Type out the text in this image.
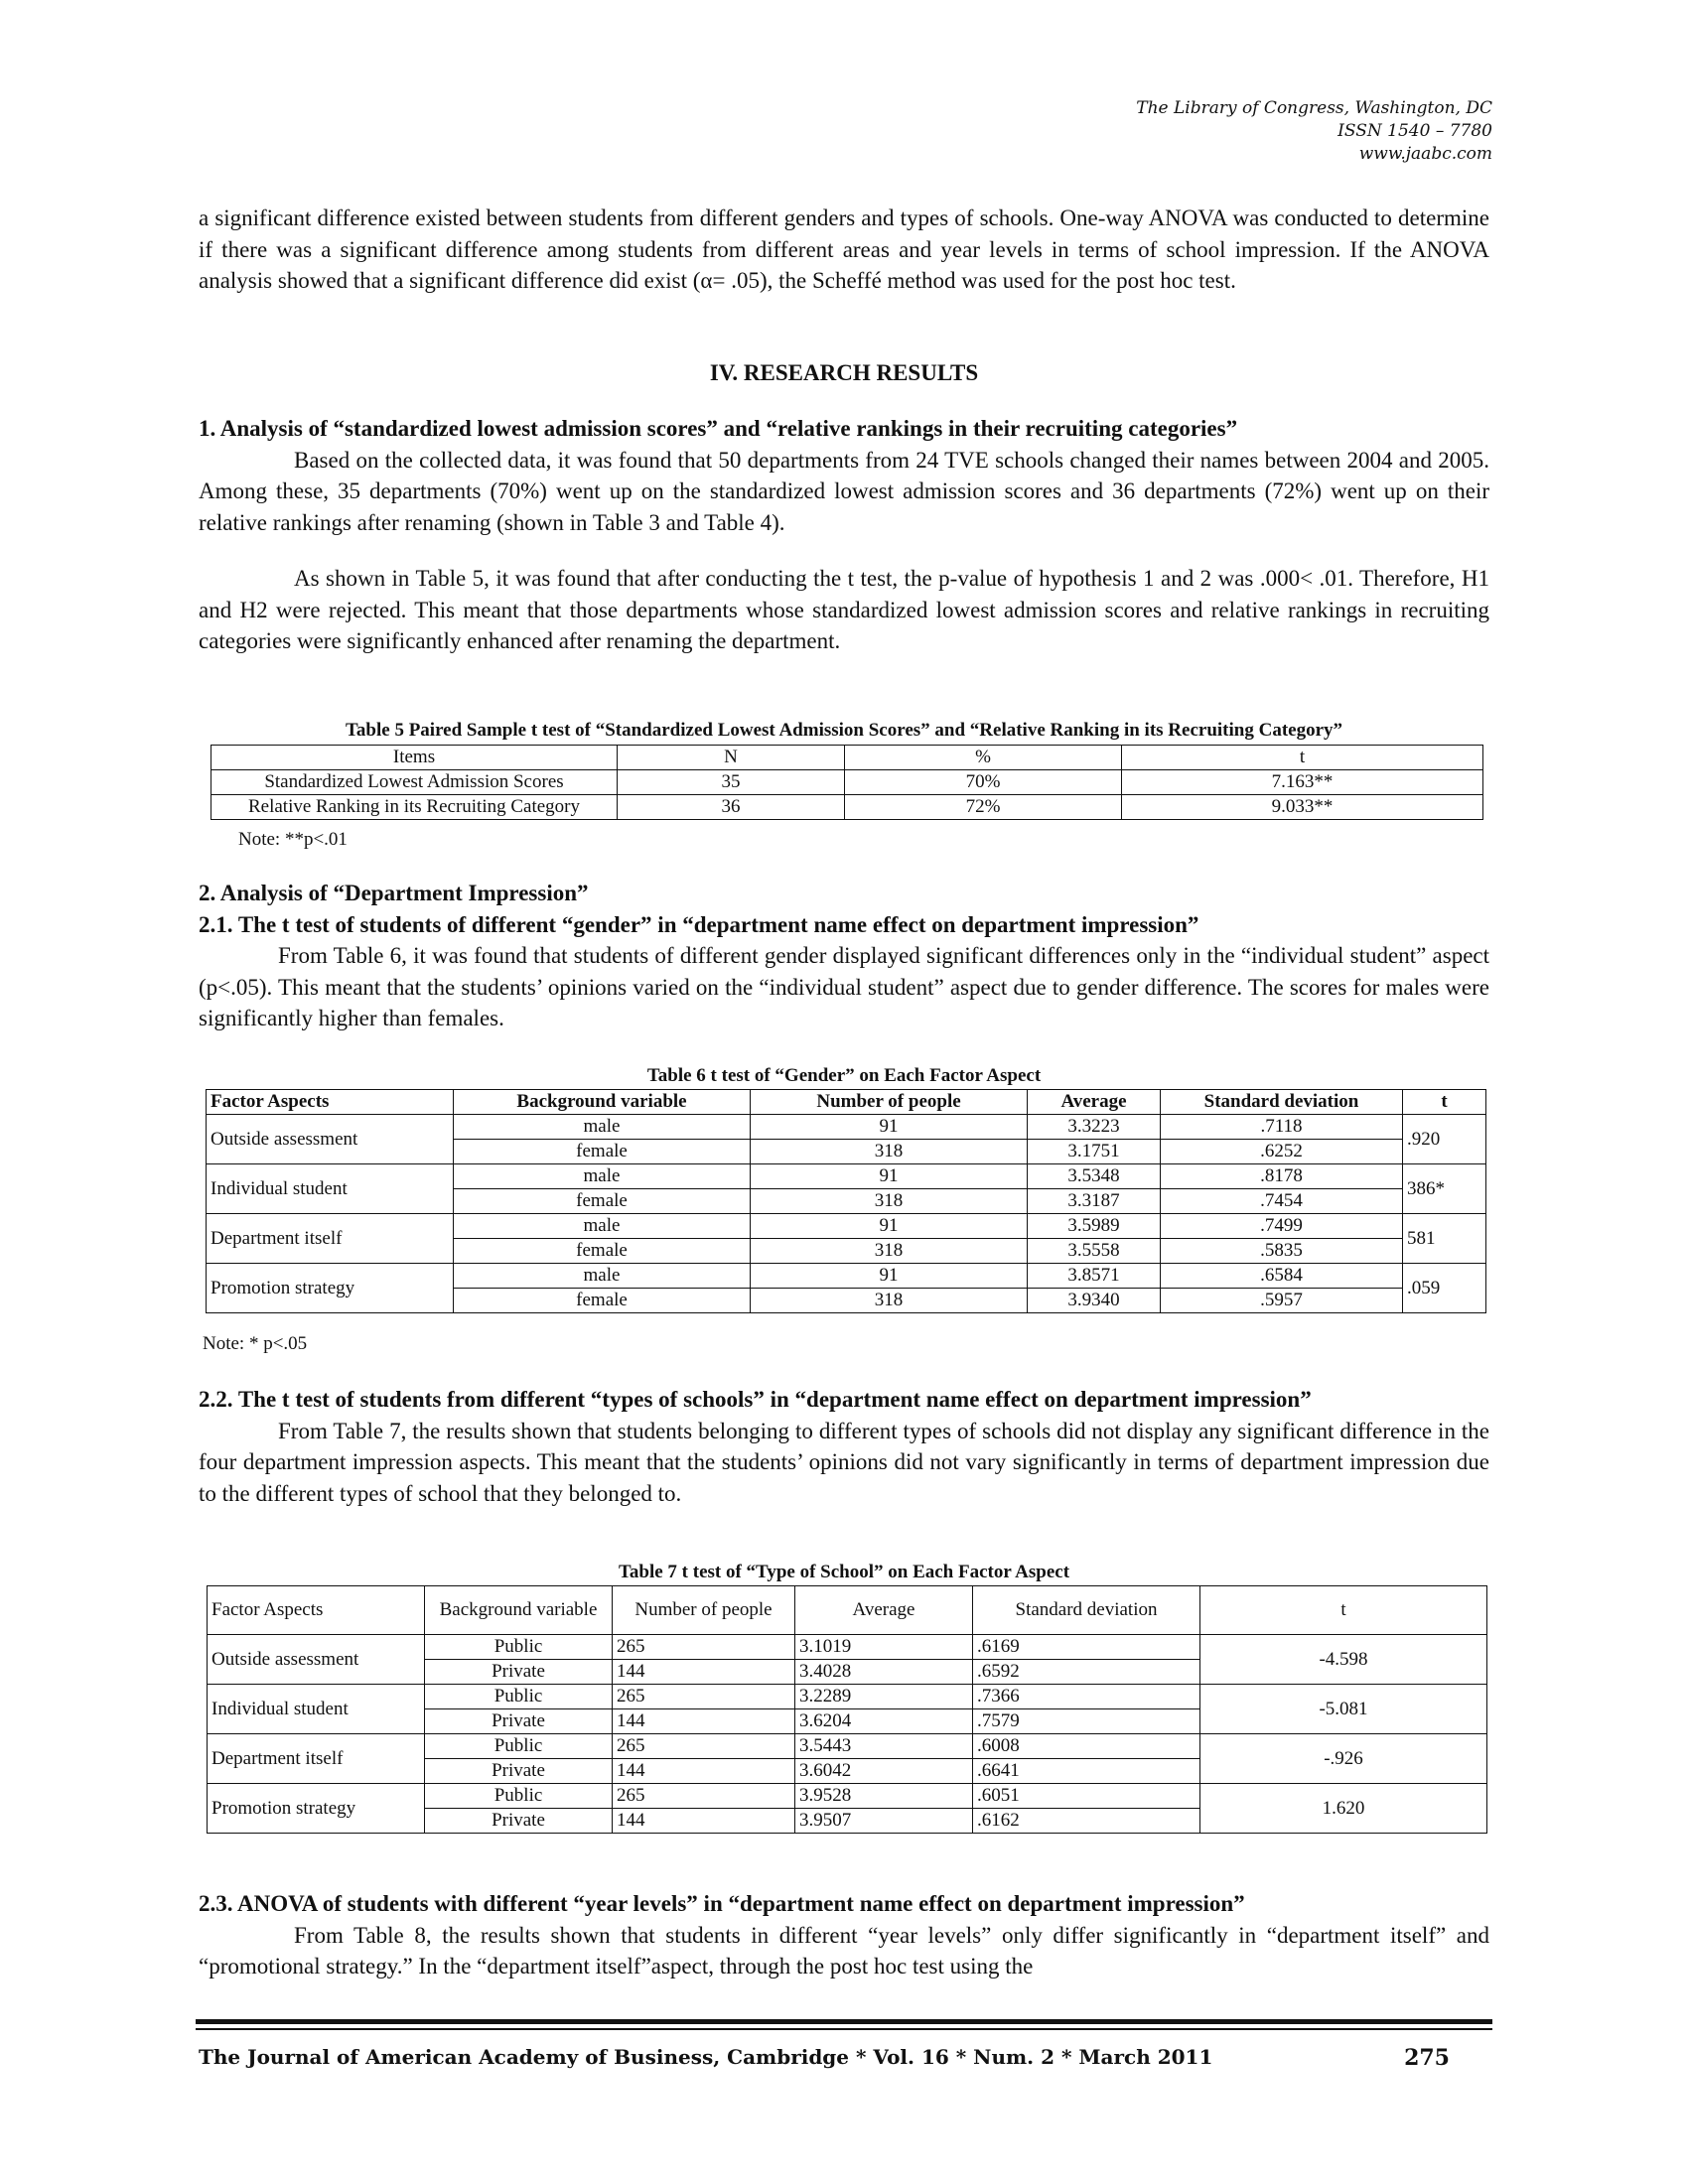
The Library of Congress, Washington, DC
ISSN 1540 – 7780
www.jaabc.com

a significant difference existed between students from different genders and types of schools. One-way ANOVA was conducted to determine if there was a significant difference among students from different areas and year levels in terms of school impression. If the ANOVA analysis showed that a significant difference did exist (α= .05), the Scheffé method was used for the post hoc test.

IV. RESEARCH RESULTS
1. Analysis of “standardized lowest admission scores” and “relative rankings in their recruiting categories”

Based on the collected data, it was found that 50 departments from 24 TVE schools changed their names between 2004 and 2005. Among these, 35 departments (70%) went up on the standardized lowest admission scores and 36 departments (72%) went up on their relative rankings after renaming (shown in Table 3 and Table 4).

As shown in Table 5, it was found that after conducting the t test, the p-value of hypothesis 1 and 2 was .000< .01. Therefore, H1 and H2 were rejected. This meant that those departments whose standardized lowest admission scores and relative rankings in recruiting categories were significantly enhanced after renaming the department.

Table 5 Paired Sample t test of “Standardized Lowest Admission Scores” and “Relative Ranking in its Recruiting Category”
Items	N	%	t
Standardized Lowest Admission Scores	35	70%	7.163**
Relative Ranking in its Recruiting Category	36	72%	9.033**
Note: **p<.01
2. Analysis of “Department Impression”
2.1. The t test of students of different “gender” in “department name effect on department impression”

From Table 6, it was found that students of different gender displayed significant differences only in the “individual student” aspect (p<.05). This meant that the students’ opinions varied on the “individual student” aspect due to gender difference. The scores for males were significantly higher than females.

Table 6 t test of “Gender” on Each Factor Aspect
Factor Aspects	Background variable	Number of people	Average	Standard deviation	t
Outside assessment	male	91	3.3223	.7118	.920
	female	318	3.1751	.6252	
Individual student	male	91	3.5348	.8178	386*
	female	318	3.3187	.7454	
Department itself	male	91	3.5989	.7499	581
	female	318	3.5558	.5835	
Promotion strategy	male	91	3.8571	.6584	.059
	female	318	3.9340	.5957	
Note: * p<.05
2.2. The t test of students from different “types of schools” in “department name effect on department impression”

From Table 7, the results shown that students belonging to different types of schools did not display any significant difference in the four department impression aspects. This meant that the students’ opinions did not vary significantly in terms of department impression due to the different types of school that they belonged to.

Table 7 t test of “Type of School” on Each Factor Aspect
Factor Aspects	Background variable	Number of people	Average	Standard deviation	t
Outside assessment	Public	265	3.1019	.6169	-4.598
	Private	144	3.4028	.6592	
Individual student	Public	265	3.2289	.7366	-5.081
	Private	144	3.6204	.7579	
Department itself	Public	265	3.5443	.6008	-.926
	Private	144	3.6042	.6641	
Promotion strategy	Public	265	3.9528	.6051	1.620
	Private	144	3.9507	.6162	
2.3. ANOVA of students with different “year levels” in “department name effect on department impression”

From Table 8, the results shown that students in different “year levels” only differ significantly in “department itself” and “promotional strategy.” In the “department itself”aspect, through the post hoc test using the

The Journal of American Academy of Business, Cambridge * Vol. 16 * Num. 2 * March 2011	275
